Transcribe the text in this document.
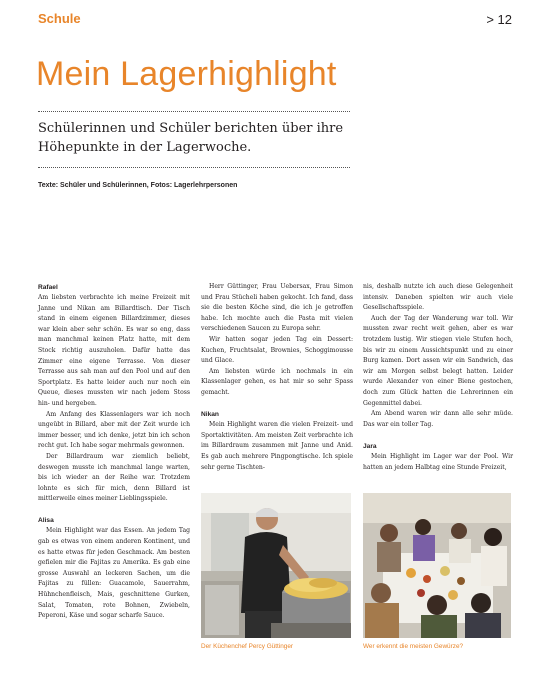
Schule	> 12
Mein Lagerhighlight

Schülerinnen und Schüler berichten über ihre Höhepunkte in der Lagerwoche.

Texte: Schüler und Schülerinnen, Fotos: Lagerlehrpersonen

Rafael

Am liebsten verbrachte ich meine Freizeit mit Janne und Nikan am Billardtisch. Der Tisch stand in einem eigenen Billardzimmer, dieses war klein aber sehr schön. Es war so eng, dass man manchmal keinen Platz hatte, mit dem Stock richtig auszuholen. Dafür hatte das Zimmer eine eigene Terrasse. Von dieser Terrasse aus sah man auf den Pool und auf den Sportplatz. Es hatte leider auch nur noch ein Queue, dieses mussten wir nach jedem Stoss hin- und hergeben.

Am Anfang des Klassenlagers war ich noch ungeübt in Billard, aber mit der Zeit wurde ich immer besser, und ich denke, jetzt bin ich schon recht gut. Ich habe sogar mehrmals gewonnen.

Der Billardraum war ziemlich beliebt, deswegen musste ich manchmal lange warten, bis ich wieder an der Reihe war. Trotzdem lohnte es sich für mich, denn Billard ist mittlerweile eines meiner Lieblingsspiele.

Alisa

Mein Highlight war das Essen. An jedem Tag gab es etwas von einem anderen Kontinent, und es hatte etwas für jeden Geschmack. Am besten gefielen mir die Fajitas zu Amerika. Es gab eine grosse Auswahl an leckeren Sachen, um die Fajitas zu füllen: Guacamole, Sauerrahm, Hühnchenfleisch, Mais, geschnittene Gurken, Salat, Tomaten, rote Bohnen, Zwiebeln, Peperoni, Käse und sogar scharfe Sauce.

Herr Güttinger, Frau Uebersax, Frau Simon und Frau Stücheli haben gekocht. Ich fand, dass sie die besten Köche sind, die ich je getroffen habe. Ich mochte auch die Pasta mit vielen verschiedenen Saucen zu Europa sehr.

Wir hatten sogar jeden Tag ein Dessert: Kuchen, Fruchtsalat, Brownies, Schoggimousse und Glace.

Am liebsten würde ich nochmals in ein Klassenlager gehen, es hat mir so sehr Spass gemacht.

Nikan

Mein Highlight waren die vielen Freizeit- und Sportaktivitäten. Am meisten Zeit verbrachte ich im Billardraum zusammen mit Janne und Anid. Es gab auch mehrere Pingpongtische. Ich spiele sehr gerne Tischten-

nis, deshalb nutzte ich auch diese Gelegenheit intensiv. Daneben spielten wir auch viele Gesellschaftsspiele.

Auch der Tag der Wanderung war toll. Wir mussten zwar recht weit gehen, aber es war trotzdem lustig. Wir stiegen viele Stufen hoch, bis wir zu einem Aussichtspunkt und zu einer Burg kamen. Dort assen wir ein Sandwich, das wir am Morgen selbst belegt hatten. Leider wurde Alexander von einer Biene gestochen, doch zum Glück hatten die Lehrerinnen ein Gegenmittel dabei.

Am Abend waren wir dann alle sehr müde. Das war ein toller Tag.

Jara

Mein Highlight im Lager war der Pool. Wir hatten an jedem Halbtag eine Stunde Freizeit,

Der Küchenchef Percy Güttinger	Wer erkennt die meisten Gewürze?
